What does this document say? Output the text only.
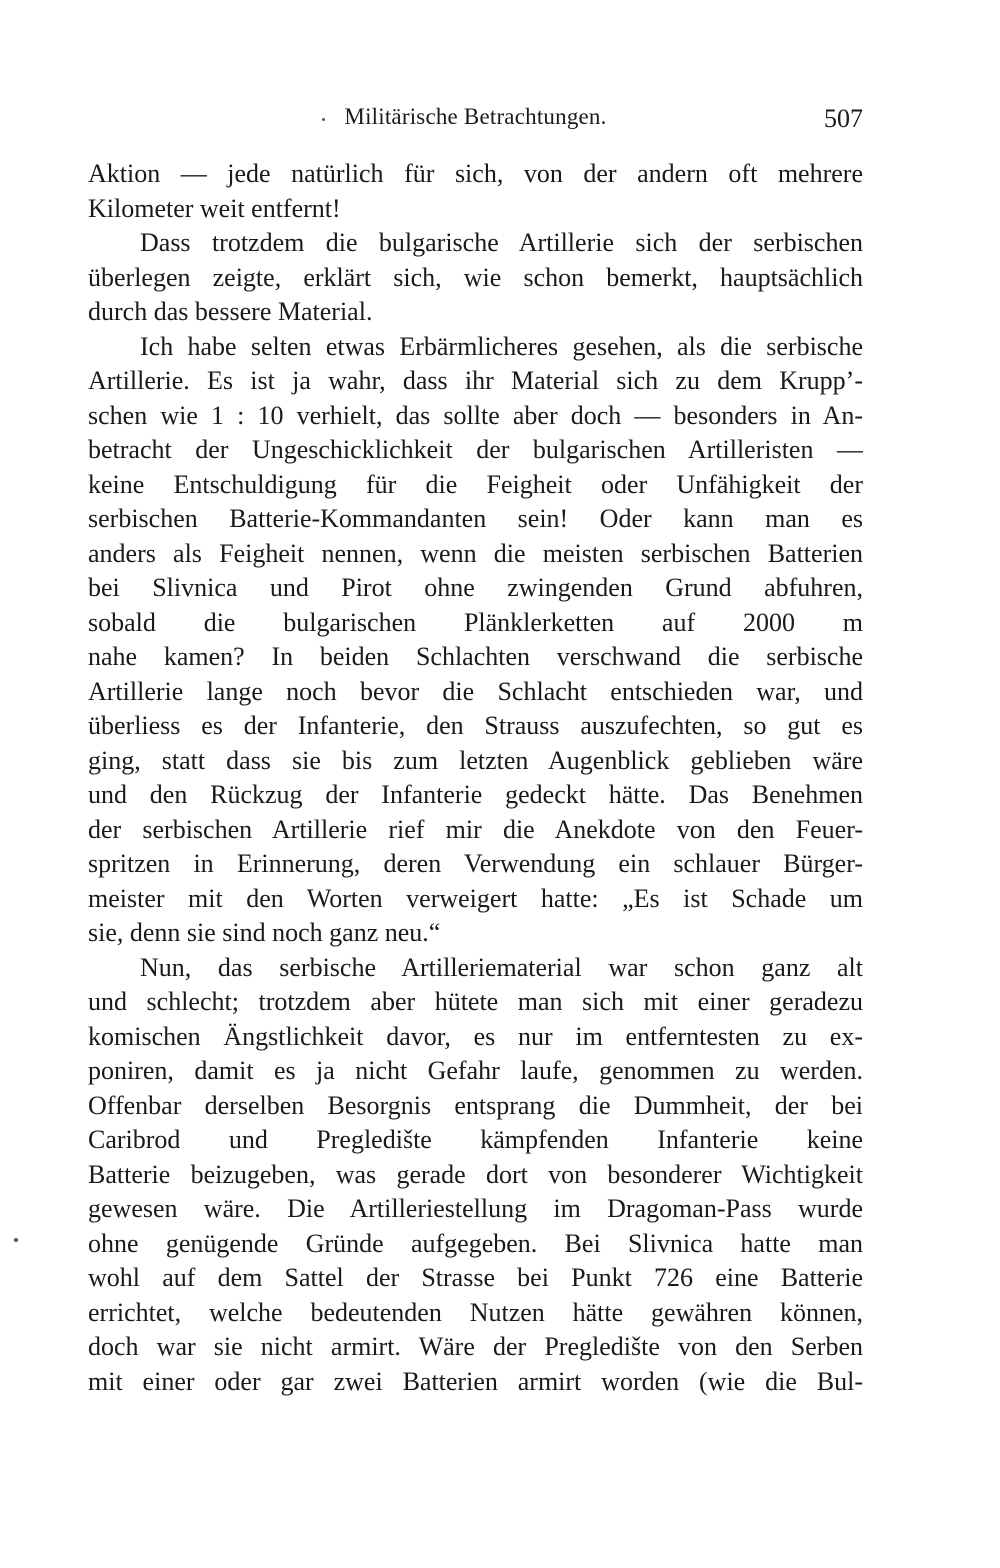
Militärische Betrachtungen.	507
Aktion — jede natürlich für sich, von der andern oft mehrere
Kilometer weit entfernt!
Dass trotzdem die bulgarische Artillerie sich der serbischen
überlegen zeigte, erklärt sich, wie schon bemerkt, hauptsächlich
durch das bessere Material.
Ich habe selten etwas Erbärmlicheres gesehen, als die serbische
Artillerie. Es ist ja wahr, dass ihr Material sich zu dem Krupp’-
schen wie 1 : 10 verhielt, das sollte aber doch — besonders in An-
betracht der Ungeschicklichkeit der bulgarischen Artilleristen —
keine Entschuldigung für die Feigheit oder Unfähigkeit der
serbischen Batterie-Kommandanten sein! Oder kann man es
anders als Feigheit nennen, wenn die meisten serbischen Batterien
bei Slivnica und Pirot ohne zwingenden Grund abfuhren,
sobald die bulgarischen Plänklerketten auf 2000 m
nahe kamen? In beiden Schlachten verschwand die serbische
Artillerie lange noch bevor die Schlacht entschieden war, und
überliess es der Infanterie, den Strauss auszufechten, so gut es
ging, statt dass sie bis zum letzten Augenblick geblieben wäre
und den Rückzug der Infanterie gedeckt hätte. Das Benehmen
der serbischen Artillerie rief mir die Anekdote von den Feuer-
spritzen in Erinnerung, deren Verwendung ein schlauer Bürger-
meister mit den Worten verweigert hatte: „Es ist Schade um
sie, denn sie sind noch ganz neu.“
Nun, das serbische Artilleriematerial war schon ganz alt
und schlecht; trotzdem aber hütete man sich mit einer geradezu
komischen Ängstlichkeit davor, es nur im entferntesten zu ex-
poniren, damit es ja nicht Gefahr laufe, genommen zu werden.
Offenbar derselben Besorgnis entsprang die Dummheit, der bei
Caribrod und Pregledište kämpfenden Infanterie keine
Batterie beizugeben, was gerade dort von besonderer Wichtigkeit
gewesen wäre. Die Artilleriestellung im Dragoman-Pass wurde
ohne genügende Gründe aufgegeben. Bei Slivnica hatte man
wohl auf dem Sattel der Strasse bei Punkt 726 eine Batterie
errichtet, welche bedeutenden Nutzen hätte gewähren können,
doch war sie nicht armirt. Wäre der Pregledište von den Serben
mit einer oder gar zwei Batterien armirt worden (wie die Bul-
